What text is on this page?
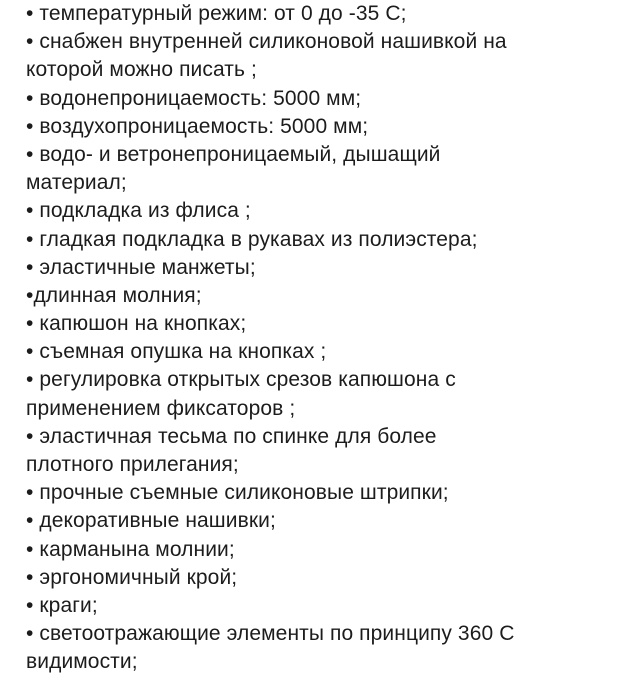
• температурный режим: от 0 до -35 С;
• снабжен внутренней силиконовой нашивкой на
которой можно писать ;
• водонепроницаемость: 5000 мм;
• воздухопроницаемость: 5000 мм;
• водо- и ветронепроницаемый, дышащий
материал;
• подкладка из флиса ;
• гладкая подкладка в рукавах из полиэстера;
• эластичные манжеты;
•длинная молния;
• капюшон на кнопках;
• съемная опушка на кнопках ;
• регулировка открытых срезов капюшона с
применением фиксаторов ;
• эластичная тесьма по спинке для более
плотного прилегания;
• прочные съемные силиконовые штрипки;
• декоративные нашивки;
• карманына молнии;
• эргономичный крой;
• краги;
• светоотражающие элементы по принципу 360 С
видимости;
